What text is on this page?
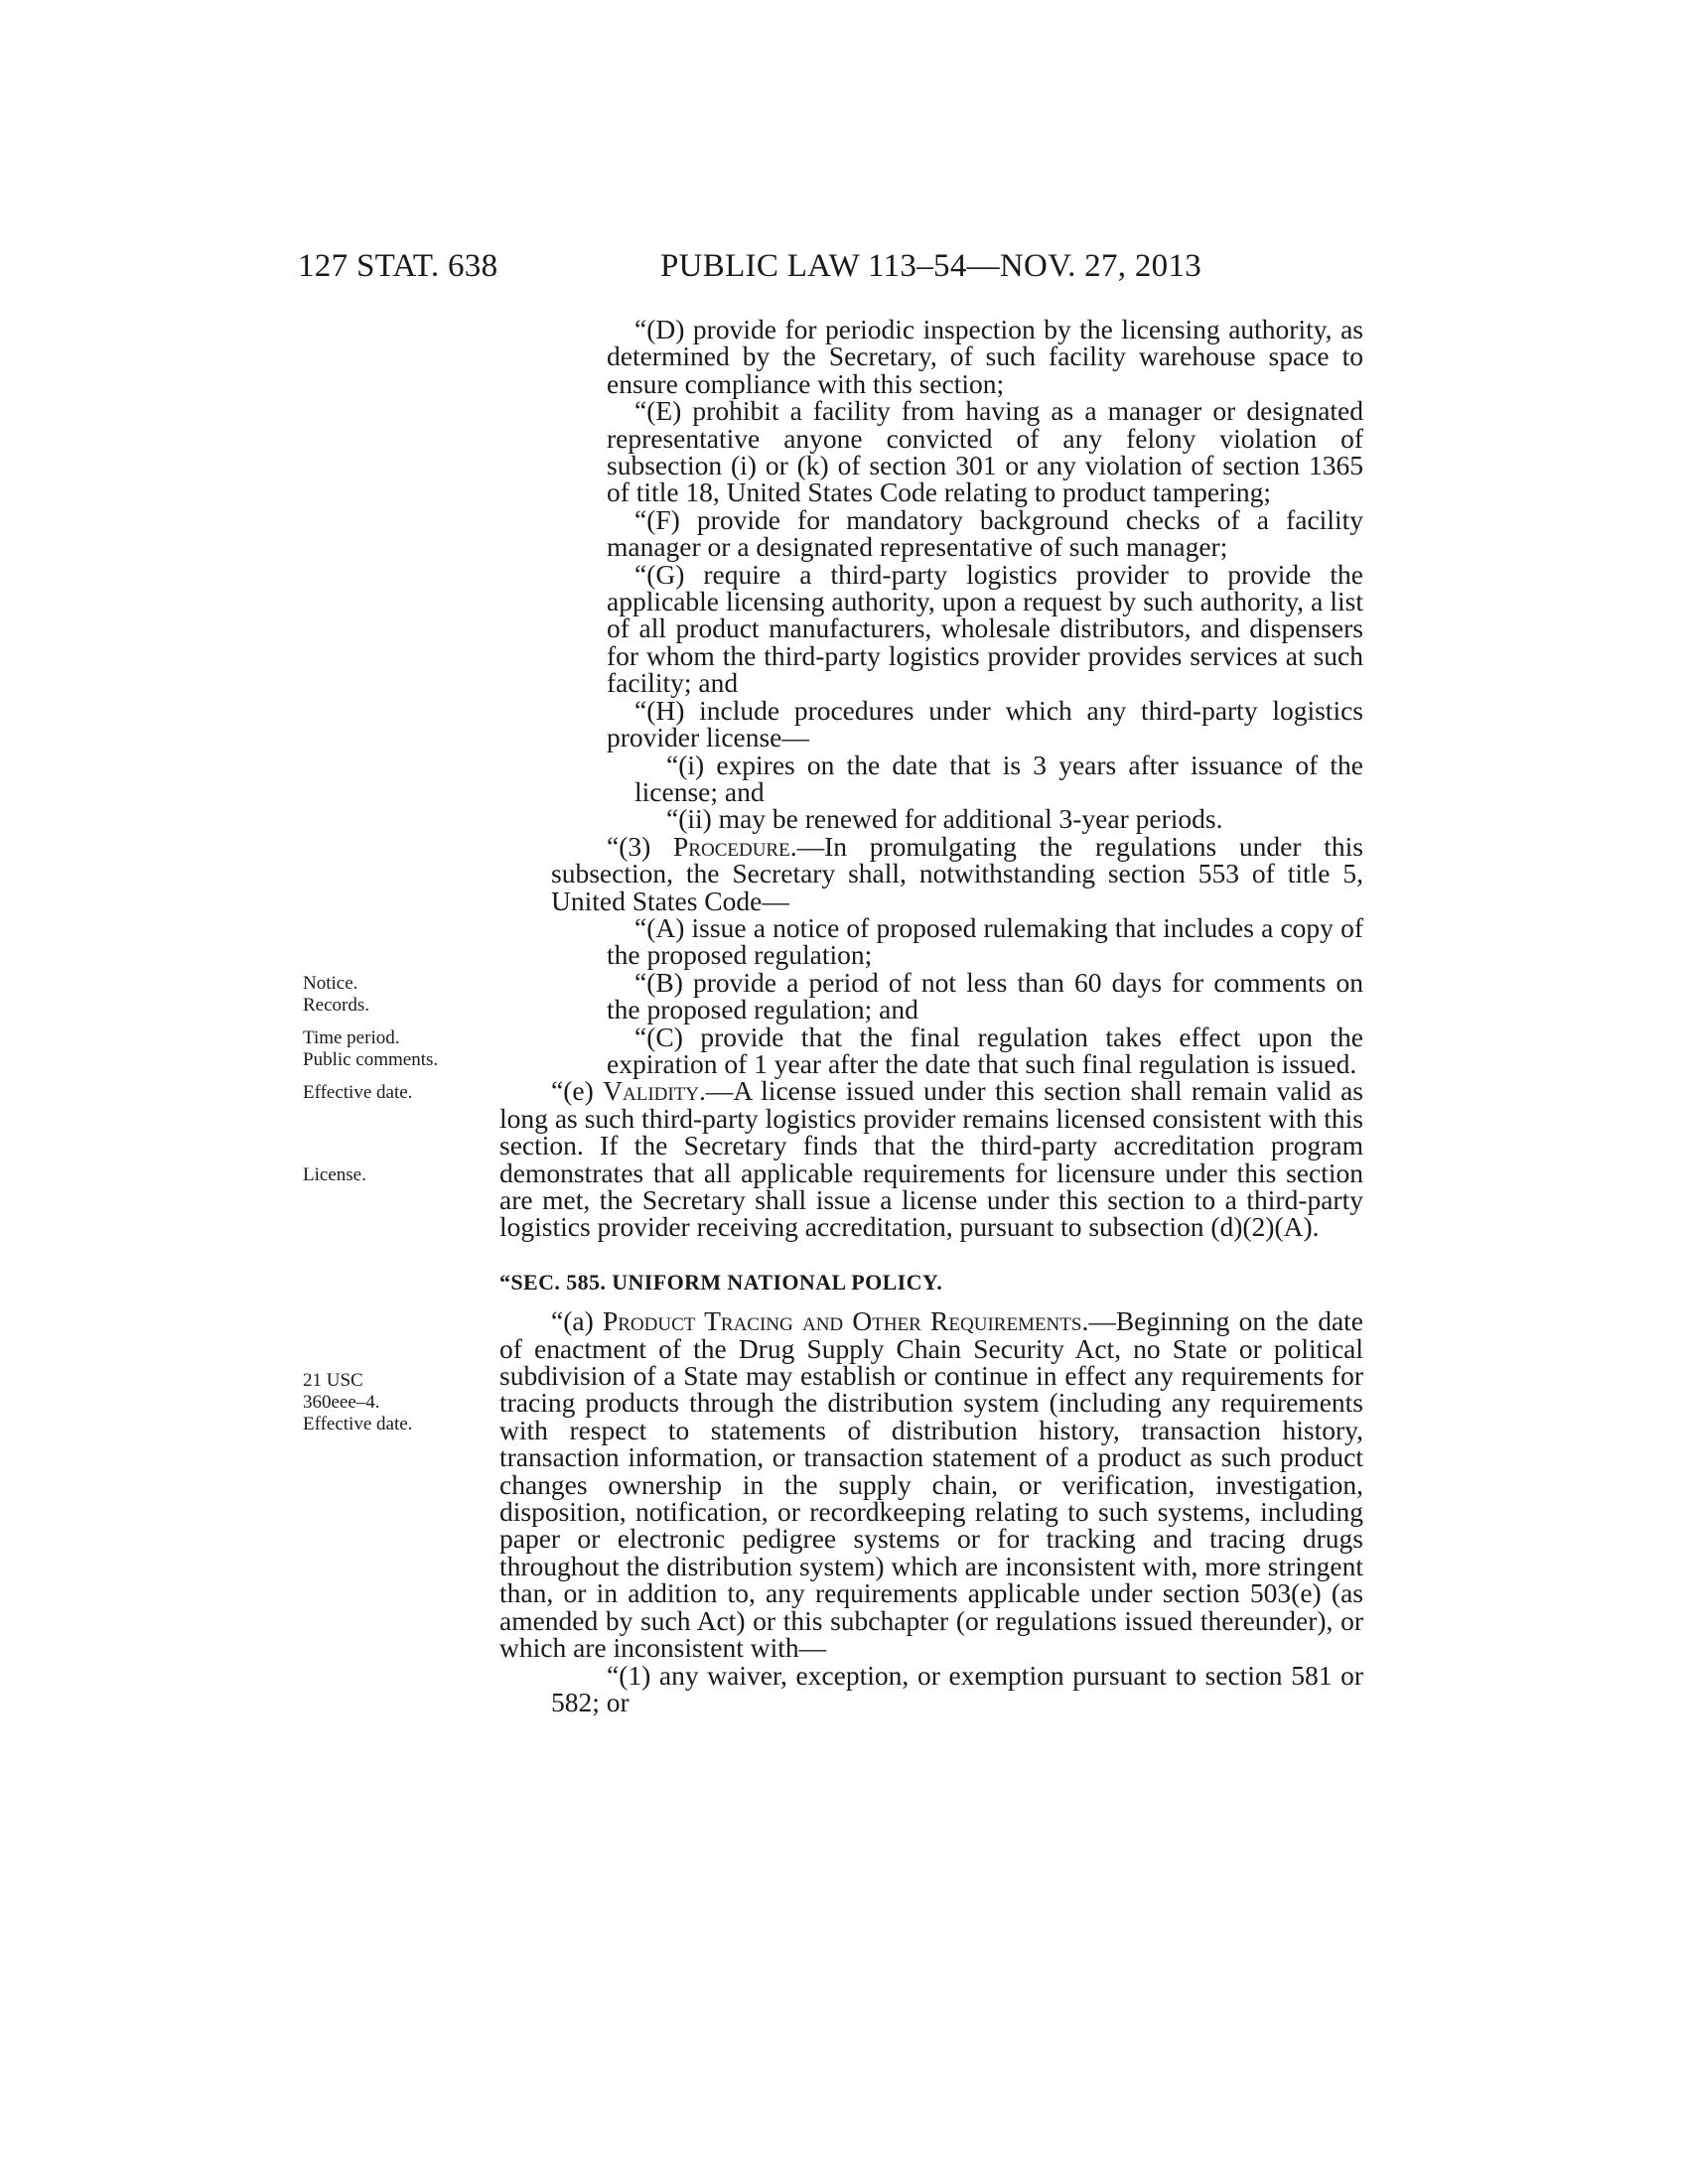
127 STAT. 638	PUBLIC LAW 113–54—NOV. 27, 2013
Notice.
Records.
Time period.
Public comments.
Effective date.
License.
21 USC
360eee–4.
Effective date.

“(D) provide for periodic inspection by the licensing authority, as determined by the Secretary, of such facility warehouse space to ensure compliance with this section;

“(E) prohibit a facility from having as a manager or designated representative anyone convicted of any felony violation of subsection (i) or (k) of section 301 or any violation of section 1365 of title 18, United States Code relating to product tampering;

“(F) provide for mandatory background checks of a facility manager or a designated representative of such manager;

“(G) require a third-party logistics provider to provide the applicable licensing authority, upon a request by such authority, a list of all product manufacturers, wholesale distributors, and dispensers for whom the third-party logistics provider provides services at such facility; and

“(H) include procedures under which any third-party logistics provider license—

“(i) expires on the date that is 3 years after issuance of the license; and

“(ii) may be renewed for additional 3-year periods.

“(3) Procedure.—In promulgating the regulations under this subsection, the Secretary shall, notwithstanding section 553 of title 5, United States Code—

“(A) issue a notice of proposed rulemaking that includes a copy of the proposed regulation;

“(B) provide a period of not less than 60 days for comments on the proposed regulation; and

“(C) provide that the final regulation takes effect upon the expiration of 1 year after the date that such final regulation is issued.

“(e) Validity.—A license issued under this section shall remain valid as long as such third-party logistics provider remains licensed consistent with this section. If the Secretary finds that the third-party accreditation program demonstrates that all applicable requirements for licensure under this section are met, the Secretary shall issue a license under this section to a third-party logistics provider receiving accreditation, pursuant to subsection (d)(2)(A).

“SEC. 585. UNIFORM NATIONAL POLICY.

“(a) Product Tracing and Other Requirements.—Beginning on the date of enactment of the Drug Supply Chain Security Act, no State or political subdivision of a State may establish or continue in effect any requirements for tracing products through the distribution system (including any requirements with respect to statements of distribution history, transaction history, transaction information, or transaction statement of a product as such product changes ownership in the supply chain, or verification, investigation, disposition, notification, or recordkeeping relating to such systems, including paper or electronic pedigree systems or for tracking and tracing drugs throughout the distribution system) which are inconsistent with, more stringent than, or in addition to, any requirements applicable under section 503(e) (as amended by such Act) or this subchapter (or regulations issued thereunder), or which are inconsistent with—

“(1) any waiver, exception, or exemption pursuant to section 581 or 582; or
